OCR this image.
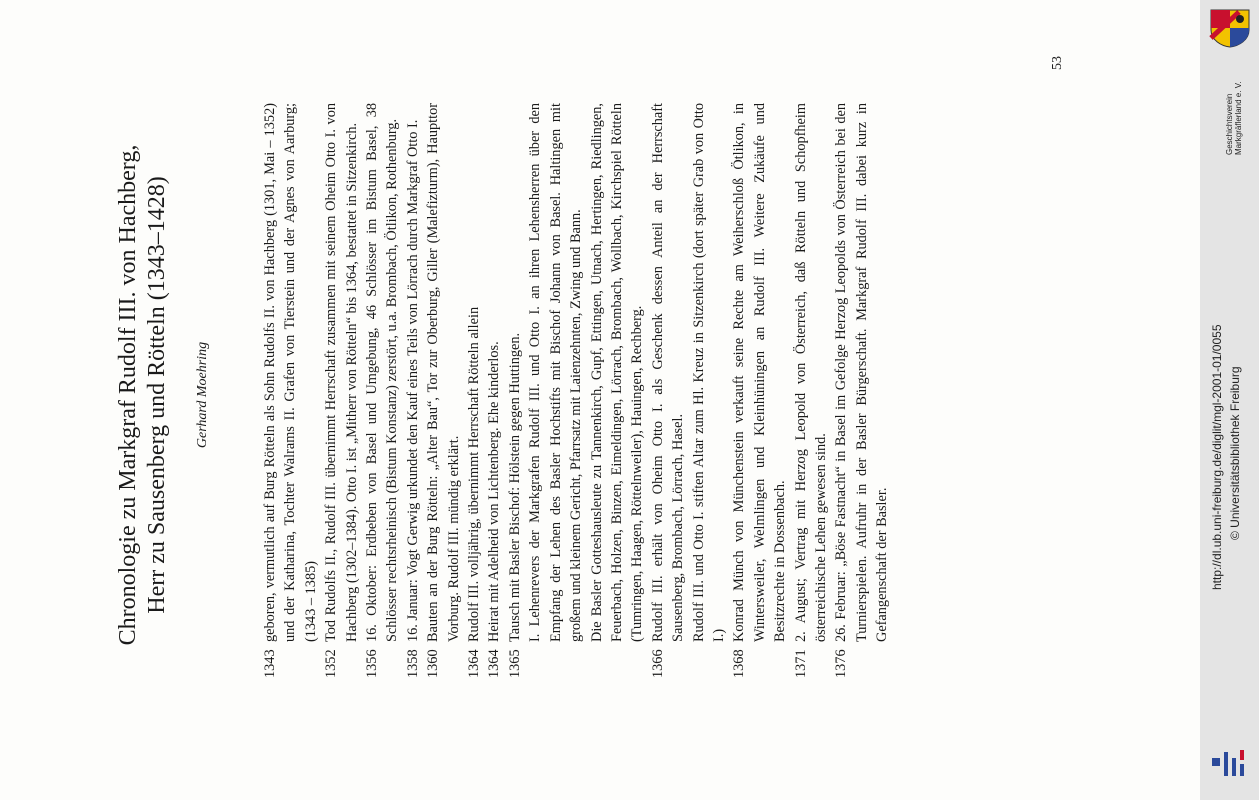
Chronologie zu Markgraf Rudolf III. von Hachberg, Herr zu Sausenberg und Rötteln (1343–1428) Gerhard Moehring
1343

geboren, vermutlich auf Burg Rötteln als Sohn Rudolfs II. von Hachberg (1301, Mai – 1352) und der Katharina, Tochter Walrams II. Grafen von Tierstein und der Agnes von Aarburg; (1343 – 1385)

1352

Tod Rudolfs II., Rudolf III. übernimmt Herrschaft zusammen mit seinem Oheim Otto I. von Hachberg (1302–1384). Otto I. ist „Mitherr von Rötteln“ bis 1364, bestattet in Sitzenkirch.

1356

16. Oktober: Erdbeben von Basel und Umgebung, 46 Schlösser im Bistum Basel, 38 Schlösser rechtsrheinisch (Bistum Konstanz) zerstört, u.a. Brombach, Ötlikon, Rothenburg.

1358

16. Januar: Vogt Gerwig urkundet den Kauf eines Teils von Lörrach durch Markgraf Otto I.

1360

Bauten an der Burg Rötteln: „Alter Bau“, Tor zur Oberburg, Giller (Malefizturm), Haupttor Vorburg. Rudolf III. mündig erklärt.

1364

Rudolf III. volljährig, übernimmt Herrschaft Rötteln allein

1364

Heirat mit Adelheid von Lichtenberg. Ehe kinderlos.

1365

Tausch mit Basler Bischof: Hölstein gegen Huttingen. I. Lehenrevers der Markgrafen Rudolf III. und Otto I. an ihren Lehensherren über den Empfang der Lehen des Basler Hochstifts mit Bischof Johann von Basel. Haltingen mit großem und kleinem Gericht, Pfarrsatz mit Laienzehnten, Zwing und Bann. Die Basler Gotteshausleute zu Tannenkirch, Gupf, Ettingen, Utnach, Hertingen, Riedlingen, Feuerbach, Holzen, Binzen, Eimeldingen, Lörrach, Brombach, Wollbach, Kirchspiel Rötteln (Tumringen, Haagen, Röttelnweiler), Hauingen, Rechberg.

1366

Rudolf III. erhält von Oheim Otto I. als Geschenk dessen Anteil an der Herrschaft Sausenberg, Brombach, Lörrach, Hasel. Rudolf III. und Otto I. stiften Altar zum Hl. Kreuz in Sitzenkirch (dort später Grab von Otto I.)

1368

Konrad Münch von Münchenstein verkauft seine Rechte am Weiherschloß Ötlikon, in Wintersweiler, Welmlingen und Kleinhüningen an Rudolf III. Weitere Zukäufe und Besitzrechte in Dossenbach.

1371

2. August; Vertrag mit Herzog Leopold von Österreich, daß Rötteln und Schopfheim österreichische Lehen gewesen sind.

1376

26. Februar: „Böse Fastnacht“ in Basel im Gefolge Herzog Leopolds von Österreich bei den Turnierspielen. Aufruhr in der Basler Bürgerschaft. Markgraf Rudolf III. dabei kurz in Gefangenschaft der Basler.

53
Geschichtsverein Markgräflerland e. V.
http://dl.ub.uni-freiburg.de/diglit/mgl-2001-01/0055 © Universitätsbibliothek Freiburg
